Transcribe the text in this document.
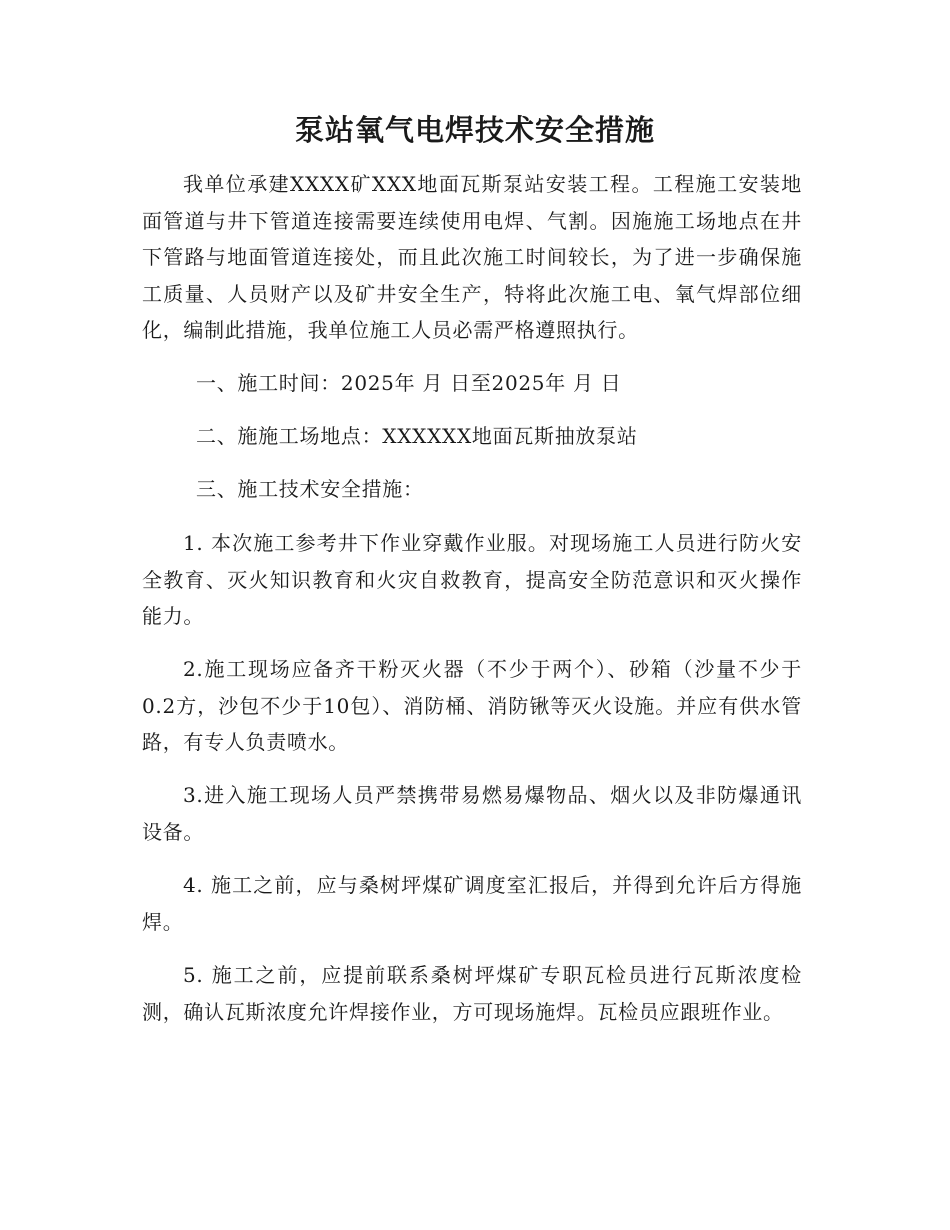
泵站氧气电焊技术安全措施

我单位承建XXXX矿XXX地面瓦斯泵站安装工程。工程施工安装地面管道与井下管道连接需要连续使用电焊、气割。因施施工场地点在井下管路与地面管道连接处，而且此次施工时间较长，为了进一步确保施工质量、人员财产以及矿井安全生产，特将此次施工电、氧气焊部位细化，编制此措施，我单位施工人员必需严格遵照执行。

一、施工时间：2025年 月 日至2025年 月 日

二、施施工场地点：XXXXXX地面瓦斯抽放泵站

三、施工技术安全措施：

1. 本次施工参考井下作业穿戴作业服。对现场施工人员进行防火安全教育、灭火知识教育和火灾自救教育，提高安全防范意识和灭火操作能力。

2.施工现场应备齐干粉灭火器（不少于两个）、砂箱（沙量不少于0.2方，沙包不少于10包）、消防桶、消防锹等灭火设施。并应有供水管路，有专人负责喷水。

3.进入施工现场人员严禁携带易燃易爆物品、烟火以及非防爆通讯设备。

4. 施工之前，应与桑树坪煤矿调度室汇报后，并得到允许后方得施焊。

5. 施工之前，应提前联系桑树坪煤矿专职瓦检员进行瓦斯浓度检测，确认瓦斯浓度允许焊接作业，方可现场施焊。瓦检员应跟班作业。
